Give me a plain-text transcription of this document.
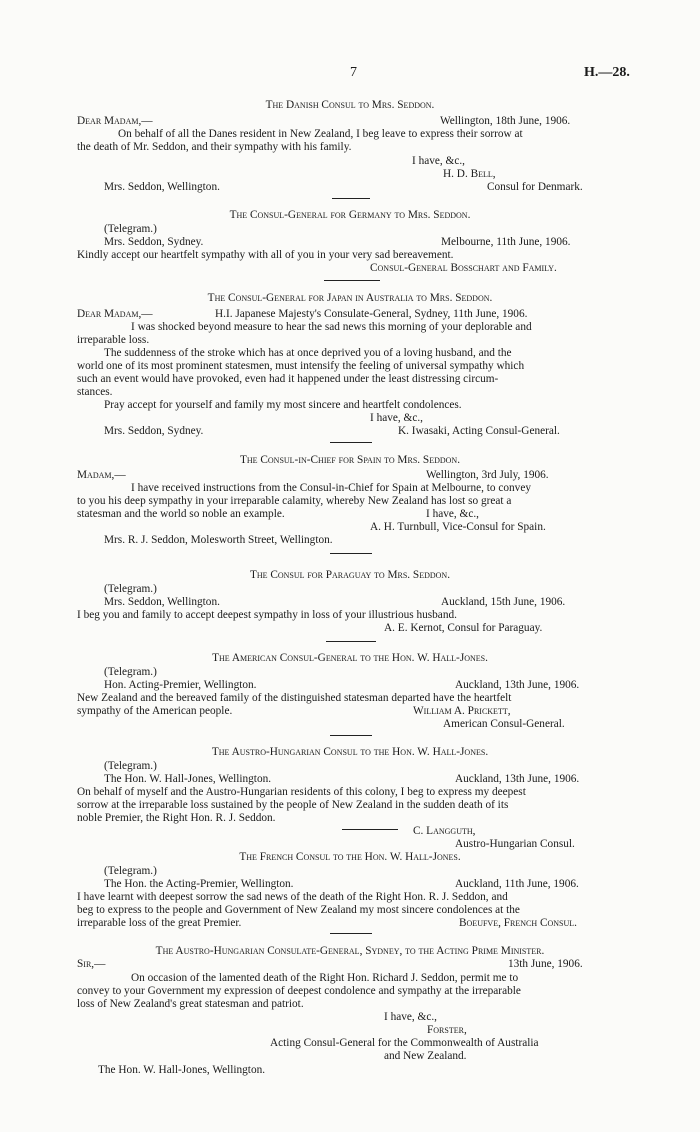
7	H.—28.
The Danish Consul to Mrs. Seddon.
Dear Madam,—	Wellington, 18th June, 1906.
On behalf of all the Danes resident in New Zealand, I beg leave to express their sorrow at
the death of Mr. Seddon, and their sympathy with his family.
I have, &c.,
H. D. Bell,
Mrs. Seddon, Wellington.	Consul for Denmark.
The Consul-General for Germany to Mrs. Seddon.
(Telegram.)
Mrs. Seddon, Sydney.	Melbourne, 11th June, 1906.
Kindly accept our heartfelt sympathy with all of you in your very sad bereavement.
Consul-General Bosschart and Family.
The Consul-General for Japan in Australia to Mrs. Seddon.
Dear Madam,—	H.I. Japanese Majesty's Consulate-General, Sydney, 11th June, 1906.
I was shocked beyond measure to hear the sad news this morning of your deplorable and
irreparable loss.
The suddenness of the stroke which has at once deprived you of a loving husband, and the
world one of its most prominent statesmen, must intensify the feeling of universal sympathy which
such an event would have provoked, even had it happened under the least distressing circum-
stances.
Pray accept for yourself and family my most sincere and heartfelt condolences.
I have, &c.,
Mrs. Seddon, Sydney.	K. Iwasaki, Acting Consul-General.
The Consul-in-Chief for Spain to Mrs. Seddon.
Madam,—	Wellington, 3rd July, 1906.
I have received instructions from the Consul-in-Chief for Spain at Melbourne, to convey
to you his deep sympathy in your irreparable calamity, whereby New Zealand has lost so great a
statesman and the world so noble an example.	I have, &c.,
A. H. Turnbull, Vice-Consul for Spain.
Mrs. R. J. Seddon, Molesworth Street, Wellington.
The Consul for Paraguay to Mrs. Seddon.
(Telegram.)
Mrs. Seddon, Wellington.	Auckland, 15th June, 1906.
I beg you and family to accept deepest sympathy in loss of your illustrious husband.
A. E. Kernot, Consul for Paraguay.
The American Consul-General to the Hon. W. Hall-Jones.
(Telegram.)
Hon. Acting-Premier, Wellington.	Auckland, 13th June, 1906.
New Zealand and the bereaved family of the distinguished statesman departed have the heartfelt
sympathy of the American people.	William A. Prickett,
American Consul-General.
The Austro-Hungarian Consul to the Hon. W. Hall-Jones.
(Telegram.)
The Hon. W. Hall-Jones, Wellington.	Auckland, 13th June, 1906.
On behalf of myself and the Austro-Hungarian residents of this colony, I beg to express my deepest
sorrow at the irreparable loss sustained by the people of New Zealand in the sudden death of its
noble Premier, the Right Hon. R. J. Seddon.
C. Langguth,
Austro-Hungarian Consul.
The French Consul to the Hon. W. Hall-Jones.
(Telegram.)
The Hon. the Acting-Premier, Wellington.	Auckland, 11th June, 1906.
I have learnt with deepest sorrow the sad news of the death of the Right Hon. R. J. Seddon, and
beg to express to the people and Government of New Zealand my most sincere condolences at the
irreparable loss of the great Premier.	Boeufve, French Consul.
The Austro-Hungarian Consulate-General, Sydney, to the Acting Prime Minister.
Sir,—	13th June, 1906.
On occasion of the lamented death of the Right Hon. Richard J. Seddon, permit me to
convey to your Government my expression of deepest condolence and sympathy at the irreparable
loss of New Zealand's great statesman and patriot.
I have, &c.,
Forster,
Acting Consul-General for the Commonwealth of Australia
and New Zealand.
The Hon. W. Hall-Jones, Wellington.
